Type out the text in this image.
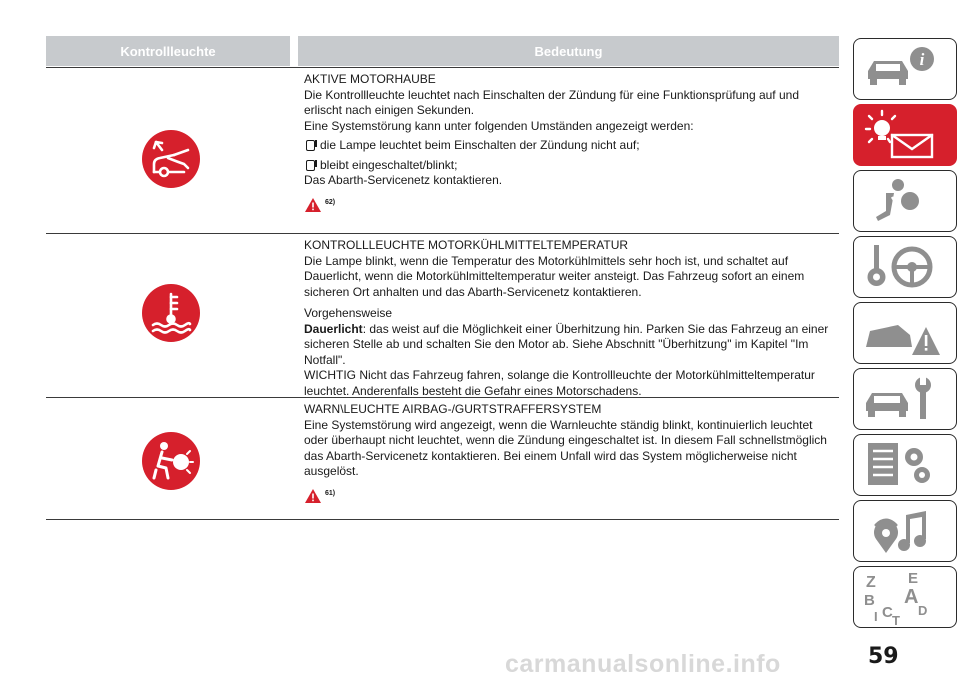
Kontrollleuchte	Bedeutung

AKTIVE MOTORHAUBE

Die Kontrollleuchte leuchtet nach Einschalten der Zündung für eine Funktionsprüfung auf und erlischt nach einigen Sekunden.

Eine Systemstörung kann unter folgenden Umständen angezeigt werden:

die Lampe leuchtet beim Einschalten der Zündung nicht auf;
bleibt eingeschaltet/blinkt;

Das Abarth-Servicenetz kontaktieren.

62)

KONTROLLLEUCHTE MOTORKÜHLMITTELTEMPERATUR

Die Lampe blinkt, wenn die Temperatur des Motorkühlmittels sehr hoch ist, und schaltet auf Dauerlicht, wenn die Motorkühlmitteltemperatur weiter ansteigt. Das Fahrzeug sofort an einem sicheren Ort anhalten und das Abarth-Servicenetz kontaktieren.

Vorgehensweise

Dauerlicht: das weist auf die Möglichkeit einer Überhitzung hin. Parken Sie das Fahrzeug an einer sicheren Stelle ab und schalten Sie den Motor ab. Siehe Abschnitt "Überhitzung" im Kapitel "Im Notfall".

WICHTIG Nicht das Fahrzeug fahren, solange die Kontrollleuchte der Motorkühlmitteltemperatur leuchtet. Anderenfalls besteht die Gefahr eines Motorschadens.

WARN\LEUCHTE AIRBAG-/GURTSTRAFFERSYSTEM

Eine Systemstörung wird angezeigt, wenn die Warnleuchte ständig blinkt, kontinuierlich leuchtet oder überhaupt nicht leuchtet, wenn die Zündung eingeschaltet ist. In diesem Fall schnellstmöglich das Abarth-Servicenetz kontaktieren. Bei einem Unfall wird das System möglicherweise nicht ausgelöst.

61)
i
Z E
B A
C D
T
I
carmanualsonline.info	59
